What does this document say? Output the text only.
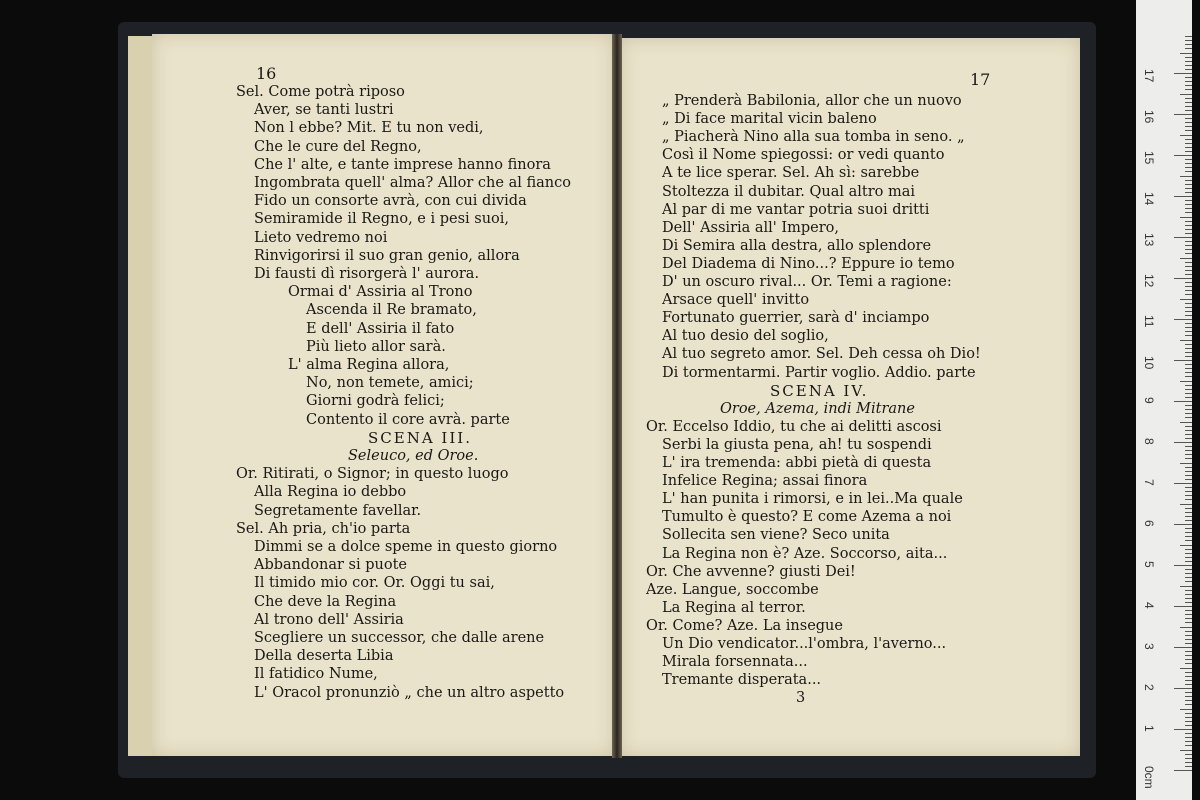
16
Sel. Come potrà riposo
Aver, se tanti lustri
Non l ebbe? Mit. E tu non vedi,
Che le cure del Regno,
Che l' alte, e tante imprese hanno finora
Ingombrata quell' alma? Allor che al fianco
Fido un consorte avrà, con cui divida
Semiramide il Regno, e i pesi suoi,
Lieto vedremo noi
Rinvigorirsi il suo gran genio, allora
Di fausti dì risorgerà l' aurora.
Ormai d' Assiria al Trono
Ascenda il Re bramato,
E dell' Assiria il fato
Più lieto allor sarà.
L' alma Regina allora,
No, non temete, amici;
Giorni godrà felici;
Contento il core avrà. parte
SCENA III.
Seleuco, ed Oroe.
Or. Ritirati, o Signor; in questo luogo
Alla Regina io debbo
Segretamente favellar.
Sel. Ah pria, ch'io parta
Dimmi se a dolce speme in questo giorno
Abbandonar si puote
Il timido mio cor. Or. Oggi tu sai,
Che deve la Regina
Al trono dell' Assiria
Scegliere un successor, che dalle arene
Della deserta Libia
Il fatidico Nume,
L' Oracol pronunziò „ che un altro aspetto
17
„ Prenderà Babilonia, allor che un nuovo
„ Di face marital vicin baleno
„ Piacherà Nino alla sua tomba in seno. „
Così il Nome spiegossi: or vedi quanto
A te lice sperar. Sel. Ah sì: sarebbe
Stoltezza il dubitar. Qual altro mai
Al par di me vantar potria suoi dritti
Dell' Assiria all' Impero,
Di Semira alla destra, allo splendore
Del Diadema di Nino...? Eppure io temo
D' un oscuro rival... Or. Temi a ragione:
Arsace quell' invitto
Fortunato guerrier, sarà d' inciampo
Al tuo desio del soglio,
Al tuo segreto amor. Sel. Deh cessa oh Dio!
Di tormentarmi. Partir voglio. Addio. parte
SCENA IV.
Oroe, Azema, indi Mitrane
Or. Eccelso Iddio, tu che ai delitti ascosi
Serbi la giusta pena, ah! tu sospendi
L' ira tremenda: abbi pietà di questa
Infelice Regina; assai finora
L' han punita i rimorsi, e in lei..Ma quale
Tumulto è questo? E come Azema a noi
Sollecita sen viene? Seco unita
La Regina non è? Aze. Soccorso, aita...
Or. Che avvenne? giusti Dei!
Aze. Langue, soccombe
La Regina al terror.
Or. Come? Aze. La insegue
Un Dio vendicator...l'ombra, l'averno...
Mirala forsennata...
Tremante disperata...
3
0cm
1
2
3
4
5
6
7
8
9
10
11
12
13
14
15
16
17
